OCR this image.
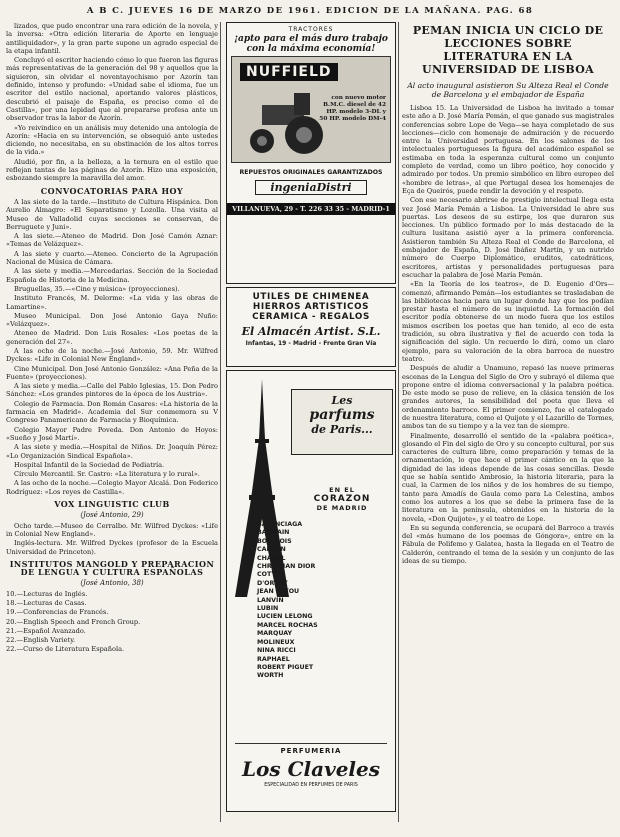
A B C. JUEVES 16 DE MARZO DE 1961. EDICION DE LA MAÑANA. PAG. 68

lizados, que pudo encontrar una rara edición de la novela, y la inversa: «Otra edición literaria de Aporte en lenguaje antiliquidador», y la gran parte supone un agrado especial de la etapa infantil.

Concluyó el escritor haciendo cómo lo que fueron las figuras más representativas de la generación del 98 y aquellos que la siguieron, sin olvidar el noventayochismo por Azorín tan definido, intenso y profundo: «Unidad sabe el idioma, fue un escritor del estilo nacional, aportando valores plásticos, descubrió el paisaje de España, es preciso como el de Castilla», por una lepidad que al prepararse profesa ante un observador tras la labor de Azorín.

«Yo reivindico en un análisis muy detenido una antología de Azorín: «Hacia en su intervención, se obsequió ante ustedes diciendo, no necesitaba, en su obstinación de los altos torres de la vida.»

Aludió, por fin, a la belleza, a la ternura en el estilo que reflejan tantas de las páginas de Azorín. Hizo una exposición, esbozando siempre la maravilla del amor.

CONVOCATORIAS PARA HOY

A las siete de la tarde.—Instituto de Cultura Hispánica. Don Aurelio Almagro: «El Separatismo y Lozolla. Una visita al Museo de Valladolid cuyas secciones se conservan, de Berruguete y Juni».

A las siete.—Ateneo de Madrid. Don José Camón Aznar: «Temas de Velázquez».

A las siete y cuarto.—Ateneo. Concierto de la Agrupación Nacional de Música de Cámara.

A las siete y media.—Mercedarias. Sección de la Sociedad Española de Historia de la Medicina.

Bruguellas, 35.—«Cine y música» (proyecciones).

Instituto Francés, M. Delorme: «La vida y las obras de Lamartine».

Museo Municipal. Don José Antonio Gaya Nuño: «Velázquez».

Ateneo de Madrid. Don Luis Rosales: «Los poetas de la generación del 27».

A las ocho de la noche.—José Antonio, 59. Mr. Wilfred Dyckes: «Life in Colonial New England».

Cine Municipal. Don José Antonio González: «Ana Peña de la Fuente» (proyecciones).

A las siete y media.—Calle del Pablo Iglesias, 15. Don Pedro Sánchez: «Los grandes pintores de la época de los Austria».

Colegio de Farmacia. Don Román Casares: «La historia de la farmacia en Madrid». Academia del Sur conmemora su V Congreso Panamericano de Farmacia y Bioquímica.

Colegio Mayor Padre Poveda. Don Antonio de Hoyos: «Sueño y José Martí».

A las siete y media.—Hospital de Niños. Dr. Joaquín Pérez: «Lo Organización Sindical Española».

Hospital Infantil de la Sociedad de Pediatría.

Círculo Mercantil. Sr. Castro: «La literatura y lo rural».

A las ocho de la noche.—Colegio Mayor Alcalá. Don Federico Rodríguez: «Los reyes de Castilla».

VOX LINGUISTIC CLUB
(José Antonio, 29)

Ocho tarde.—Museo de Cerralbo. Mr. Wilfred Dyckes: «Life in Colonial New England».

Inglés-lectura. Mr. Wilfred Dyckes (profesor de la Escuela Universidad de Princeton).

INSTITUTOS MANGOLD Y PREPARACION DE LENGUA Y CULTURA ESPAÑOLAS
(José Antonio, 38)

10.—Lecturas de Inglés.

18.—Lecturas de Casas.

19.—Conferencias de Francés.

20.—English Speech and French Group.

21.—Español Avanzado.

22.—English Variety.

22.—Curso de Literatura Española.

TRACTORES
¡apto para el más duro trabajo
con la máxima economía!
NUFFIELD
con nuevo motor B.M.C. diesel de 42 HP. modelo 3-DL y 50 HP. modelo DM-4
REPUESTOS ORIGINALES GARANTIZADOS
ingeniaDistri
VILLANUEVA, 29 - T. 226 33 35 - MADRID-1
UTILES DE CHIMENEA
HIERROS ARTISTICOS
CERAMICA - REGALOS
El Almacén Artist. S.L.
Infantas, 19 - Madrid - Frente Gran Vía
Les
parfums
de Paris...
EN EL
CORAZON
DE MADRID
BALENCIAGA
BALMAIN
BOURJOIS
CARVEN
CHANEL
CHRISTIAN DIOR
COTY
D'ORSAY
JEAN PATOU
LANVIN
LUBIN
LUCIEN LELONG
MARCEL ROCHAS
MARQUAY
MOLINEUX
NINA RICCI
RAPHAEL
ROBERT PIGUET
WORTH
PERFUMERIA
Los Claveles
ESPECIALIDAD EN PERFUMES DE PARIS
PEMAN INICIA UN CICLO DE LECCIONES SOBRE LITERATURA EN LA UNIVERSIDAD DE LISBOA
Al acto inaugural asistieron Su Alteza Real el Conde de Barcelona y el embajador de España

Lisboa 15. La Universidad de Lisboa ha invitado a tomar este año a D. José María Pemán, el que ganado sus magistrales conferencias sobre Lope de Vega—se haya completado de sus lecciones—ciclo con homenaje de admiración y de recuerdo entre la Universidad portuguesa. En los salones de los intelectuales portugueses la figura del académico español se estimaba en toda la esperanza cultural como un conjunto completo de verdad, como un libro poético, hoy conocido y admirado por todos. Un premio simbólico en libro europeo del «hombre de letras», al que Portugal desea los homenajes de Eça de Queirós, puede rendir la devoción y el respeto.

Con ese necesario abrirse de prestigio intelectual llega esta vez José María Pemán a Lisboa. La Universidad le abre sus puertas. Los deseos de su estirpe, los que duraron sus lecciones. Un público formado por lo más destacado de la cultura lusitana asistió ayer a la primera conferencia. Asistieron también Su Alteza Real el Conde de Barcelona, el embajador de España, D. José Ibáñez Martín, y un nutrido número de Cuerpo Diplomático, eruditos, catedráticos, escritores, artistas y personalidades portuguesas para escuchar la palabra de José María Pemán.

«En la Teoría de los teatros», de D. Eugenio d'Ors—comenzó, afirmando Pemán—los estudiantes se trasladaban de las bibliotecas hacia para un lugar donde hay que los podían prestar hasta el número de su inquietud. La formación del escritor podía obtenerse de un modo fuera que los estilos mismos escriben los poetas que han tenido, al eco de esta tradición, su obra ilustrativa y fiel de acuerdo con toda la significación del siglo. Un recuerdo lo dirá, como un claro ejemplo, para su valoración de la obra barroca de nuestro teatro.

Después de aludir a Unamuno, repasó las nueve primeras escenas de la Lengua del Siglo de Oro y subrayó el dilema que propone entre el idioma conversacional y la palabra poética. De este modo se puso de relieve, en la clásica tensión de los grandes autores, la sensibilidad del poeta que lleva el ordenamiento barroco. El primer comienzo, fue el catalogado de nuestra literatura, como el Quijote y el Lazarillo de Tormes, ambos tan de su tiempo y a la vez tan de siempre.

Finalmente, desarrolló el sentido de la «palabra poética», glosando el Fin del siglo de Oro y su concepto cultural, por sus caracteres de cultura libre, como preparación y temas de la ornamentación, lo que hace el primer cántico en la que la dignidad de las ideas depende de las cosas sencillas. Desde que se había sentido Ambrosio, la historia literaria, para la cual, la Carmen de los niños y de los hombres de su tiempo, tanto para Amadís de Gaula como para La Celestina, ambos como los autores a los que se debe la primera fase de la literatura en la península, obtenidos en la historia de la novela, «Don Quijote», y el teatro de Lope.

En su segunda conferencia, se ocupará del Barroco a través del «más humano de los poemas de Góngora», entre en la Fábula de Polifemo y Galatea, hasta la llegada en el Teatro de Calderón, centrando el tema de la sesión y un conjunto de las ideas de su tiempo.
